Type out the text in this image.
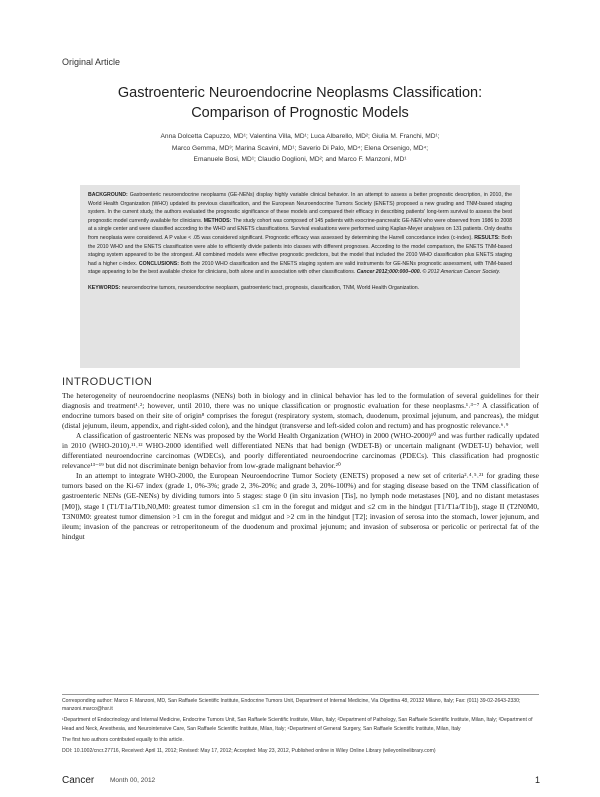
Original Article
Gastroenteric Neuroendocrine Neoplasms Classification:
Comparison of Prognostic Models
Anna Dolcetta Capuzzo, MD¹; Valentina Villa, MD¹; Luca Albarello, MD²; Giulia M. Franchi, MD¹;
Marco Gemma, MD³; Marina Scavini, MD¹; Saverio Di Palo, MD⁴; Elena Orsenigo, MD⁴;
Emanuele Bosi, MD¹; Claudio Doglioni, MD²; and Marco F. Manzoni, MD¹

BACKGROUND: Gastroenteric neuroendocrine neoplasms (GE-NENs) display highly variable clinical behavior. In an attempt to assess a better prognostic description, in 2010, the World Health Organization (WHO) updated its previous classification, and the European Neuroendocrine Tumors Society (ENETS) proposed a new grading and TNM-based staging system. In the current study, the authors evaluated the prognostic significance of these models and compared their efficacy in describing patients' long-term survival to assess the best prognostic model currently available for clinicians. METHODS: The study cohort was composed of 145 patients with exocrine-pancreatic GE-NEN who were observed from 1986 to 2008 at a single center and were classified according to the WHO and ENETS classifications. Survival evaluations were performed using Kaplan-Meyer analyses on 131 patients. Only deaths from neoplasia were considered. A P value < .05 was considered significant. Prognostic efficacy was assessed by determining the Harrell concordance index (c-index). RESULTS: Both the 2010 WHO and the ENETS classification were able to efficiently divide patients into classes with different prognoses. According to the model comparison, the ENETS TNM-based staging system appeared to be the strongest. All combined models were effective prognostic predictors, but the model that included the 2010 WHO classification plus ENETS staging had a higher c-index. CONCLUSIONS: Both the 2010 WHO classification and the ENETS staging system are valid instruments for GE-NENs prognostic assessment, with TNM-based stage appearing to be the best available choice for clinicians, both alone and in association with other classifications. Cancer 2012;000:000–000. © 2012 American Cancer Society.

KEYWORDS: neuroendocrine tumors, neuroendocrine neoplasm, gastroenteric tract, prognosis, classification, TNM, World Health Organization.

INTRODUCTION

The heterogeneity of neuroendocrine neoplasms (NENs) both in biology and in clinical behavior has led to the formulation of several guidelines for their diagnosis and treatment¹˒²; however, until 2010, there was no unique classification or prognostic evaluation for these neoplasms.¹˒³⁻⁷ A classification of endocrine tumors based on their site of origin⁸ comprises the foregut (respiratory system, stomach, duodenum, proximal jejunum, and pancreas), the midgut (distal jejunum, ileum, appendix, and right-sided colon), and the hindgut (transverse and left-sided colon and rectum) and has prognostic relevance.⁶˒⁹

A classification of gastroenteric NENs was proposed by the World Health Organization (WHO) in 2000 (WHO-2000)¹⁰ and was further radically updated in 2010 (WHO-2010).¹¹˒¹² WHO-2000 identified well differentiated NENs that had benign (WDET-B) or uncertain malignant (WDET-U) behavior, well differentiated neuroendocrine carcinomas (WDECs), and poorly differentiated neuroendocrine carcinomas (PDECs). This classification had prognostic relevance¹³⁻¹⁹ but did not discriminate benign behavior from low-grade malignant behavior.²⁰

In an attempt to integrate WHO-2000, the European Neuroendocrine Tumor Society (ENETS) proposed a new set of criteria²˒⁴˒⁵˒²¹ for grading these tumors based on the Ki-67 index (grade 1, 0%-3%; grade 2, 3%-20%; and grade 3, 20%-100%) and for staging disease based on the TNM classification of gastroenteric NENs (GE-NENs) by dividing tumors into 5 stages: stage 0 (in situ invasion [Tis], no lymph node metastases [N0], and no distant metastases [M0]), stage I (T1/T1a/T1b,N0,M0: greatest tumor dimension ≤1 cm in the foregut and midgut and ≤2 cm in the hindgut [T1/T1a/T1b]), stage II (T2N0M0, T3N0M0: greatest tumor dimension >1 cm in the foregut and midgut and >2 cm in the hindgut [T2]; invasion of serosa into the stomach, lower jejunum, and ileum; invasion of the pancreas or retroperitoneum of the duodenum and proximal jejunum; and invasion of subserosa or pericolic or perirectal fat of the hindgut

Corresponding author: Marco F. Manzoni, MD, San Raffaele Scientific Institute, Endocrine Tumors Unit, Department of Internal Medicine, Via Olgettina 48, 20132 Milano, Italy; Fax: (011) 39-02-2643-2330; manzoni.marco@hsr.it

¹Department of Endocrinology and Internal Medicine, Endocrine Tumors Unit, San Raffaele Scientific Institute, Milan, Italy; ²Department of Pathology, San Raffaele Scientific Institute, Milan, Italy; ³Department of Head and Neck, Anesthesia, and Neurointensive Care, San Raffaele Scientific Institute, Milan, Italy; ⁴Department of General Surgery, San Raffaele Scientific Institute, Milan, Italy

The first two authors contributed equally to this article.

DOI: 10.1002/cncr.27716, Received: April 11, 2012; Revised: May 17, 2012; Accepted: May 23, 2012, Published online in Wiley Online Library (wileyonlinelibrary.com)

Cancer Month 00, 2012	1
